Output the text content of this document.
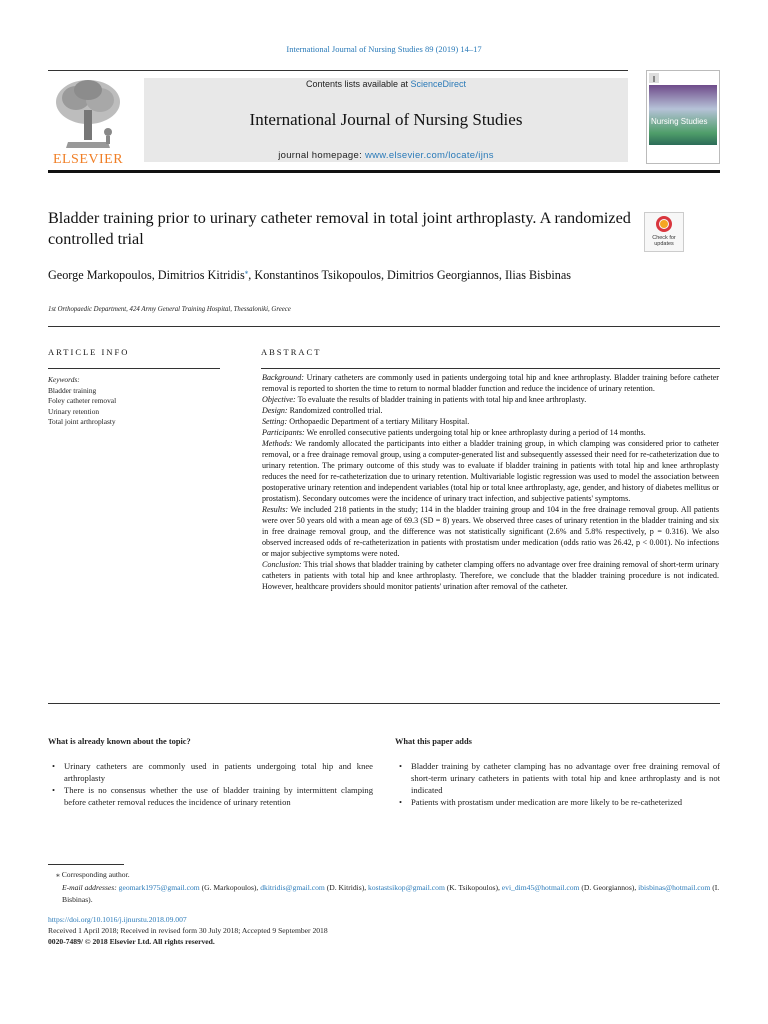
International Journal of Nursing Studies 89 (2019) 14–17
ELSEVIER
Contents lists available at ScienceDirect
International Journal of Nursing Studies
journal homepage: www.elsevier.com/locate/ijns
Nursing Studies
Bladder training prior to urinary catheter removal in total joint arthroplasty. A randomized controlled trial	Check for
updates
George Markopoulos, Dimitrios Kitridis⁎, Konstantinos Tsikopoulos, Dimitrios Georgiannos, Ilias Bisbinas
1st Orthopaedic Department, 424 Army General Training Hospital, Thessaloniki, Greece
ARTICLE INFO
Keywords:
Bladder training
Foley catheter removal
Urinary retention
Total joint arthroplasty
ABSTRACT

Background: Urinary catheters are commonly used in patients undergoing total hip and knee arthroplasty. Bladder training before catheter removal is reported to shorten the time to return to normal bladder function and reduce the incidence of urinary retention.

Objective: To evaluate the results of bladder training in patients with total hip and knee arthroplasty.

Design: Randomized controlled trial.

Setting: Orthopaedic Department of a tertiary Military Hospital.

Participants: We enrolled consecutive patients undergoing total hip or knee arthroplasty during a period of 14 months.

Methods: We randomly allocated the participants into either a bladder training group, in which clamping was considered prior to catheter removal, or a free drainage removal group, using a computer-generated list and subsequently assessed their need for re-catheterization due to urinary retention. The primary outcome of this study was to evaluate if bladder training in patients with total hip and knee arthroplasty reduces the need for re-catheterization due to urinary retention. Multivariable logistic regression was used to model the association between postoperative urinary retention and independent variables (total hip or total knee arthroplasty, age, gender, and history of diabetes mellitus or prostatism). Secondary outcomes were the incidence of urinary tract infection, and subjective patients' symptoms.

Results: We included 218 patients in the study; 114 in the bladder training group and 104 in the free drainage removal group. All patients were over 50 years old with a mean age of 69.3 (SD = 8) years. We observed three cases of urinary retention in the bladder training and six in free drainage removal group, and the difference was not statistically significant (2.6% and 5.8% respectively, p = 0.316). We also observed increased odds of re-catheterization in patients with prostatism under medication (odds ratio was 26.42, p < 0.001). No infections or major subjective symptoms were noted.

Conclusion: This trial shows that bladder training by catheter clamping offers no advantage over free draining removal of short-term urinary catheters in patients with total hip and knee arthroplasty. Therefore, we conclude that the bladder training procedure is not indicated. However, healthcare providers should monitor patients' urination after removal of the catheter.

What is already known about the topic?
• Urinary catheters are commonly used in patients undergoing total hip and knee arthroplasty
• There is no consensus whether the use of bladder training by intermittent clamping before catheter removal reduces the incidence of urinary retention
What this paper adds
• Bladder training by catheter clamping has no advantage over free draining removal of short-term urinary catheters in patients with total hip and knee arthroplasty and is not indicated
• Patients with prostatism under medication are more likely to be re-catheterized
⁎ Corresponding author.
E-mail addresses: geomark1975@gmail.com (G. Markopoulos), dkitridis@gmail.com (D. Kitridis), kostastsikop@gmail.com (K. Tsikopoulos), evi_dim45@hotmail.com (D. Georgiannos), ibisbinas@hotmail.com (I. Bisbinas).
https://doi.org/10.1016/j.ijnurstu.2018.09.007
Received 1 April 2018; Received in revised form 30 July 2018; Accepted 9 September 2018
0020-7489/ © 2018 Elsevier Ltd. All rights reserved.
